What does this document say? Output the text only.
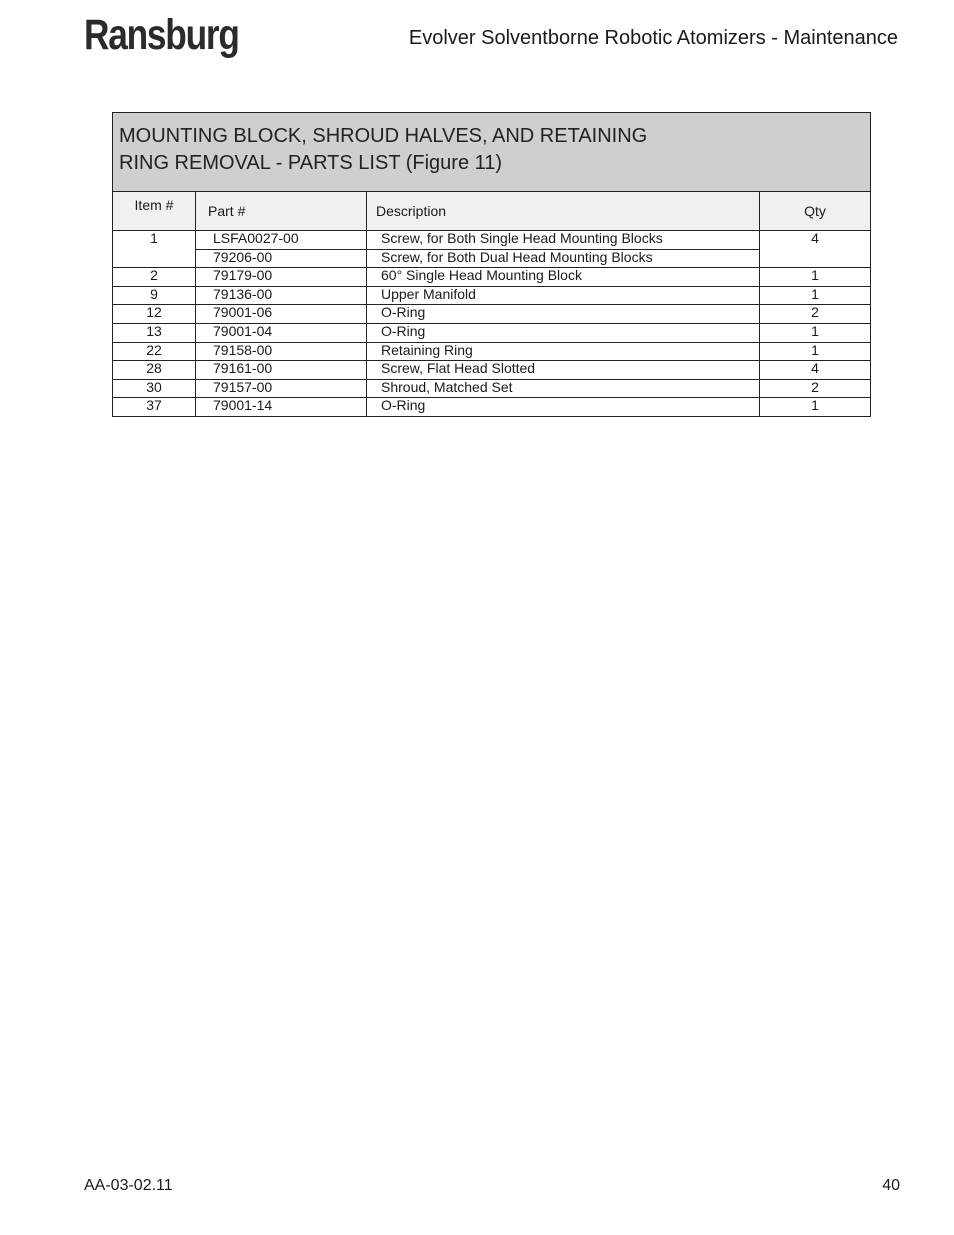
Ransburg	Evolver Solventborne Robotic Atomizers - Maintenance
MOUNTING BLOCK, SHROUD HALVES, AND RETAINING
RING REMOVAL - PARTS LIST (Figure 11)			

Item #	Part #	Description	Qty
1	LSFA0027-00	Screw, for Both Single Head Mounting Blocks	4
	79206-00	Screw, for Both Dual Head Mounting Blocks	
2	79179-00	60° Single Head Mounting Block	1
9	79136-00	Upper Manifold	1
12	79001-06	O-Ring	2
13	79001-04	O-Ring	1
22	79158-00	Retaining Ring	1
28	79161-00	Screw, Flat Head Slotted	4
30	79157-00	Shroud, Matched Set	2
37	79001-14	O-Ring	1
AA-03-02.11	40
